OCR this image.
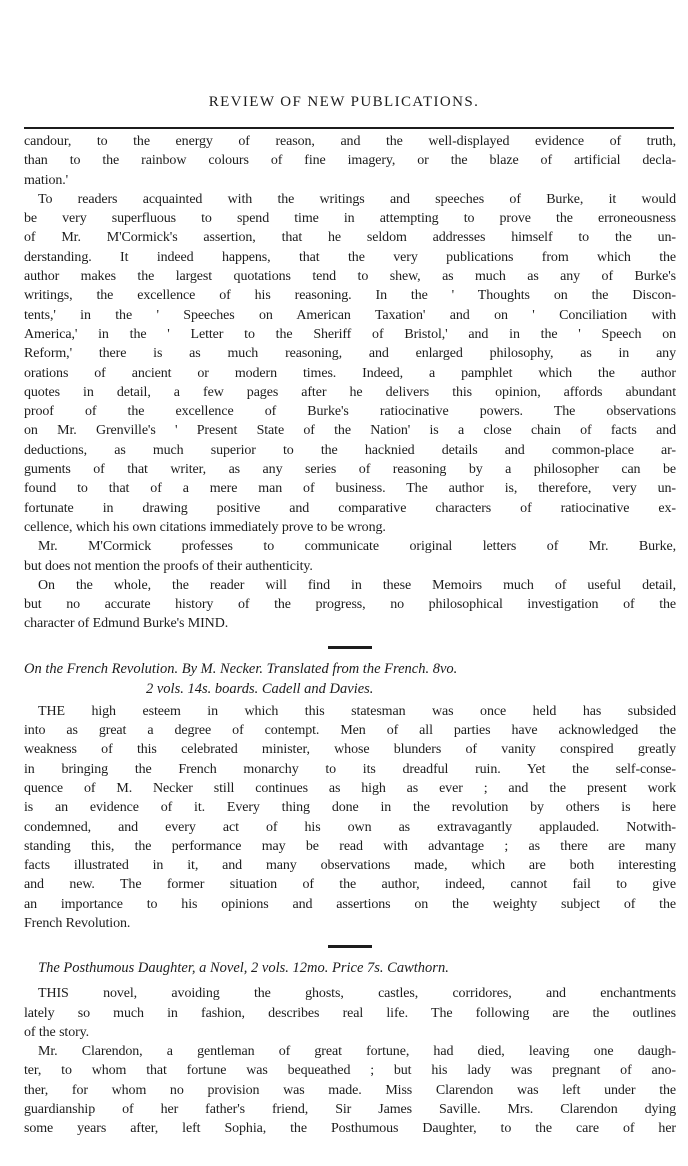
REVIEW OF NEW PUBLICATIONS.
candour, to the energy of reason, and the well-displayed evidence of truth,
than to the rainbow colours of fine imagery, or the blaze of artificial decla-
mation.'
To readers acquainted with the writings and speeches of Burke, it would
be very superfluous to spend time in attempting to prove the erroneousness
of Mr. M'Cormick's assertion, that he seldom addresses himself to the un-
derstanding. It indeed happens, that the very publications from which the
author makes the largest quotations tend to shew, as much as any of Burke's
writings, the excellence of his reasoning. In the ' Thoughts on the Discon-
tents,' in the ' Speeches on American Taxation' and on ' Conciliation with
America,' in the ' Letter to the Sheriff of Bristol,' and in the ' Speech on
Reform,' there is as much reasoning, and enlarged philosophy, as in any
orations of ancient or modern times. Indeed, a pamphlet which the author
quotes in detail, a few pages after he delivers this opinion, affords abundant
proof of the excellence of Burke's ratiocinative powers. The observations
on Mr. Grenville's ' Present State of the Nation' is a close chain of facts and
deductions, as much superior to the hacknied details and common-place ar-
guments of that writer, as any series of reasoning by a philosopher can be
found to that of a mere man of business. The author is, therefore, very un-
fortunate in drawing positive and comparative characters of ratiocinative ex-
cellence, which his own citations immediately prove to be wrong.
Mr. M'Cormick professes to communicate original letters of Mr. Burke,
but does not mention the proofs of their authenticity.
On the whole, the reader will find in these Memoirs much of useful detail,
but no accurate history of the progress, no philosophical investigation of the
character of Edmund Burke's MIND.
On the French Revolution. By M. Necker. Translated from the French. 8vo.
2 vols. 14s. boards. Cadell and Davies.
THE high esteem in which this statesman was once held has subsided
into as great a degree of contempt. Men of all parties have acknowledged the
weakness of this celebrated minister, whose blunders of vanity conspired greatly
in bringing the French monarchy to its dreadful ruin. Yet the self-conse-
quence of M. Necker still continues as high as ever ; and the present work
is an evidence of it. Every thing done in the revolution by others is here
condemned, and every act of his own as extravagantly applauded. Notwith-
standing this, the performance may be read with advantage ; as there are many
facts illustrated in it, and many observations made, which are both interesting
and new. The former situation of the author, indeed, cannot fail to give
an importance to his opinions and assertions on the weighty subject of the
French Revolution.
The Posthumous Daughter, a Novel, 2 vols. 12mo. Price 7s. Cawthorn.
THIS novel, avoiding the ghosts, castles, corridores, and enchantments
lately so much in fashion, describes real life. The following are the outlines
of the story.
Mr. Clarendon, a gentleman of great fortune, had died, leaving one daugh-
ter, to whom that fortune was bequeathed ; but his lady was pregnant of ano-
ther, for whom no provision was made. Miss Clarendon was left under the
guardianship of her father's friend, Sir James Saville. Mrs. Clarendon dying
some years after, left Sophia, the Posthumous Daughter, to the care of her
